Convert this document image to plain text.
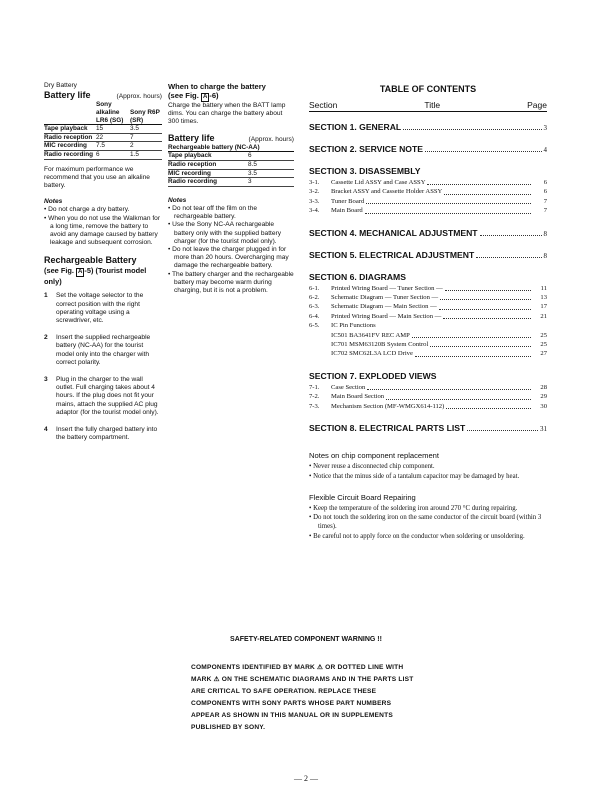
Dry Battery
Battery life	(Approx. hours)
	Sony alkaline LR6 (SG)	Sony R6P (SR)
Tape playback	15	3.5
Radio reception	22	7
MIC recording	7.5	2
Radio recording	6	1.5
For maximum performance we recommend that you use an alkaline battery.
Notes
• Do not charge a dry battery.
• When you do not use the Walkman for a long time, remove the battery to avoid any damage caused by battery leakage and subsequent corrosion.
Rechargeable Battery
(see Fig. A -5) (Tourist model only)
1	Set the voltage selector to the correct position with the right operating voltage using a screwdriver, etc.
2	Insert the supplied rechargeable battery (NC-AA) for the tourist model only into the charger with correct polarity.
3	Plug in the charger to the wall outlet. Full charging takes about 4 hours. If the plug does not fit your mains, attach the supplied AC plug adaptor (for the tourist model only).
4	Insert the fully charged battery into the battery compartment.
When to charge the battery
(see Fig. A -6)
Charge the battery when the BATT lamp dims. You can charge the battery about 300 times.
Battery life	(Approx. hours)
Rechargeable battery (NC-AA)	
Tape playback	6
Radio reception	8.5
MIC recording	3.5
Radio recording	3
Notes
• Do not tear off the film on the rechargeable battery.
• Use the Sony NC-AA rechargeable battery only with the supplied battery charger (for the tourist model only).
• Do not leave the charger plugged in for more than 20 hours. Overcharging may damage the rechargeable battery.
• The battery charger and the rechargeable battery may become warm during charging, but it is not a problem.
TABLE OF CONTENTS
Section	Title	Page
SECTION 1. GENERAL	3
SECTION 2. SERVICE NOTE	4
SECTION 3. DISASSEMBLY
3-1.	Cassette Lid ASSY and Case ASSY	6
3-2.	Bracket ASSY and Cassette Holder ASSY	6
3-3.	Tuner Board	7
3-4.	Main Board	7
SECTION 4. MECHANICAL ADJUSTMENT	8
SECTION 5. ELECTRICAL ADJUSTMENT	8
SECTION 6. DIAGRAMS
6-1.	Printed Wiring Board — Tuner Section —	11
6-2.	Schematic Diagram — Tuner Section —	13
6-3.	Schematic Diagram — Main Section —	17
6-4.	Printed Wiring Board — Main Section —	21
6-5.	IC Pin Functions
IC501 BA3641FV REC AMP	25
IC701 MSM63120B System Control	25
IC702 SMC62L3A LCD Drive	27
SECTION 7. EXPLODED VIEWS
7-1.	Case Section	28
7-2.	Main Board Section	29
7-3.	Mechanism Section (MF-WMGX614-112)	30
SECTION 8. ELECTRICAL PARTS LIST	31
Notes on chip component replacement
• Never reuse a disconnected chip component.
• Notice that the minus side of a tantalum capacitor may be damaged by heat.
Flexible Circuit Board Repairing
• Keep the temperature of the soldering iron around 270 °C during repairing.
• Do not touch the soldering iron on the same conductor of the circuit board (within 3 times).
• Be careful not to apply force on the conductor when soldering or unsoldering.
SAFETY-RELATED COMPONENT WARNING !!
COMPONENTS IDENTIFIED BY MARK ⚠ OR DOTTED LINE WITH MARK ⚠ ON THE SCHEMATIC DIAGRAMS AND IN THE PARTS LIST ARE CRITICAL TO SAFE OPERATION. REPLACE THESE COMPONENTS WITH SONY PARTS WHOSE PART NUMBERS APPEAR AS SHOWN IN THIS MANUAL OR IN SUPPLEMENTS PUBLISHED BY SONY.
— 2 —
